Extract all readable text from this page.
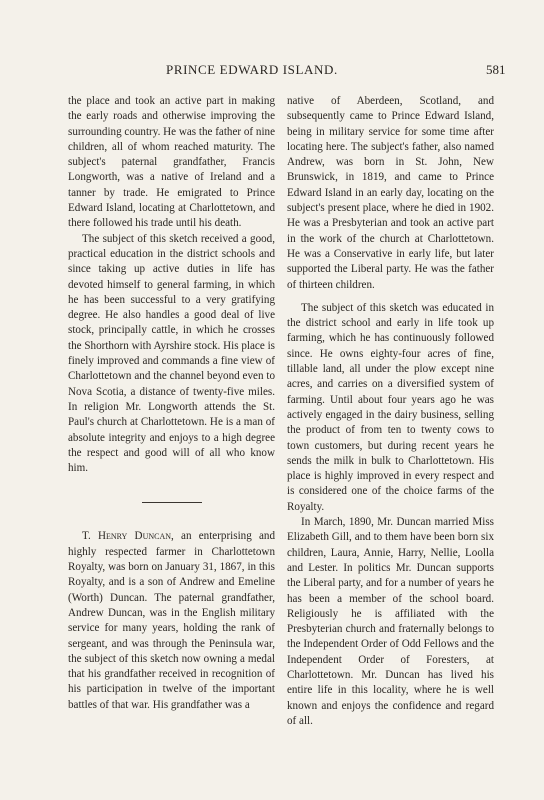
PRINCE EDWARD ISLAND.	581

the place and took an active part in making the early roads and otherwise improving the surrounding country. He was the father of nine children, all of whom reached maturity. The subject's paternal grandfather, Francis Longworth, was a native of Ireland and a tanner by trade. He emigrated to Prince Edward Island, locating at Charlottetown, and there followed his trade until his death.

The subject of this sketch received a good, practical education in the district schools and since taking up active duties in life has devoted himself to general farming, in which he has been successful to a very gratifying degree. He also handles a good deal of live stock, principally cattle, in which he crosses the Shorthorn with Ayrshire stock. His place is finely improved and commands a fine view of Charlottetown and the channel beyond even to Nova Scotia, a distance of twenty-five miles. In religion Mr. Longworth attends the St. Paul's church at Charlottetown. He is a man of absolute integrity and enjoys to a high degree the respect and good will of all who know him.

T. Henry Duncan, an enterprising and highly respected farmer in Charlottetown Royalty, was born on January 31, 1867, in this Royalty, and is a son of Andrew and Emeline (Worth) Duncan. The paternal grandfather, Andrew Duncan, was in the English military service for many years, holding the rank of sergeant, and was through the Peninsula war, the subject of this sketch now owning a medal that his grandfather received in recognition of his participation in twelve of the important battles of that war. His grandfather was a

native of Aberdeen, Scotland, and subsequently came to Prince Edward Island, being in military service for some time after locating here. The subject's father, also named Andrew, was born in St. John, New Brunswick, in 1819, and came to Prince Edward Island in an early day, locating on the subject's present place, where he died in 1902. He was a Presbyterian and took an active part in the work of the church at Charlottetown. He was a Conservative in early life, but later supported the Liberal party. He was the father of thirteen children.

The subject of this sketch was educated in the district school and early in life took up farming, which he has continuously followed since. He owns eighty-four acres of fine, tillable land, all under the plow except nine acres, and carries on a diversified system of farming. Until about four years ago he was actively engaged in the dairy business, selling the product of from ten to twenty cows to town customers, but during recent years he sends the milk in bulk to Charlottetown. His place is highly improved in every respect and is considered one of the choice farms of the Royalty.

In March, 1890, Mr. Duncan married Miss Elizabeth Gill, and to them have been born six children, Laura, Annie, Harry, Nellie, Loolla and Lester. In politics Mr. Duncan supports the Liberal party, and for a number of years he has been a member of the school board. Religiously he is affiliated with the Presbyterian church and fraternally belongs to the Independent Order of Odd Fellows and the Independent Order of Foresters, at Charlottetown. Mr. Duncan has lived his entire life in this locality, where he is well known and enjoys the confidence and regard of all.
